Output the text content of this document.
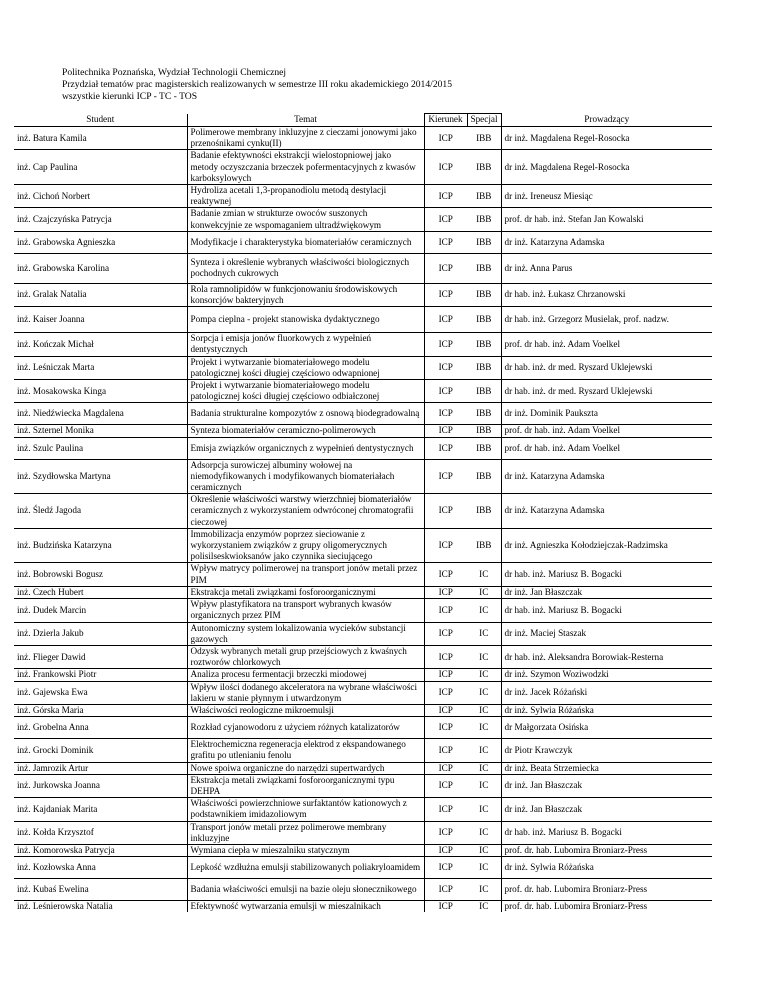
Politechnika Poznańska, Wydział Technologii Chemicznej
Przydział tematów prac magisterskich realizowanych w semestrze III roku akademickiego 2014/2015
wszystkie kierunki ICP - TC - TOS
Student	Temat	Kierunek	Specjal	Prowadzący
inż. Batura Kamila	Polimerowe membrany inkluzyjne z cieczami jonowymi jako przenośnikami cynku(II)	ICP	IBB	dr inż. Magdalena Regel-Rosocka
inż. Cap Paulina	Badanie efektywności ekstrakcji wielostopniowej jako metody oczyszczania brzeczek pofermentacyjnych z kwasów karboksylowych	ICP	IBB	dr inż. Magdalena Regel-Rosocka
inż. Cichoń Norbert	Hydroliza acetali 1,3-propanodiolu metodą destylacji reaktywnej	ICP	IBB	dr inż. Ireneusz Miesiąc
inż. Czajczyńska Patrycja	Badanie zmian w strukturze owoców suszonych konwekcyjnie ze wspomaganiem ultradźwiękowym	ICP	IBB	prof. dr hab. inż. Stefan Jan Kowalski
inż. Grabowska Agnieszka	Modyfikacje i charakterystyka biomateriałów ceramicznych	ICP	IBB	dr inż. Katarzyna Adamska
inż. Grabowska Karolina	Synteza i określenie wybranych właściwości biologicznych pochodnych cukrowych	ICP	IBB	dr inż. Anna Parus
inż. Gralak Natalia	Rola ramnolipidów w funkcjonowaniu środowiskowych konsorcjów bakteryjnych	ICP	IBB	dr hab. inż. Łukasz Chrzanowski
inż. Kaiser Joanna	Pompa cieplna - projekt stanowiska dydaktycznego	ICP	IBB	dr hab. inż. Grzegorz Musielak, prof. nadzw.
inż. Kończak Michał	Sorpcja i emisja jonów fluorkowych z wypełnień dentystycznych	ICP	IBB	prof. dr hab. inż. Adam Voelkel
inż. Leśniczak Marta	Projekt i wytwarzanie biomateriałowego modelu patologicznej kości długiej częściowo odwapnionej	ICP	IBB	dr hab. inż. dr med. Ryszard Uklejewski
inż. Mosakowska Kinga	Projekt i wytwarzanie biomateriałowego modelu patologicznej kości długiej częściowo odbiałczonej	ICP	IBB	dr hab. inż. dr med. Ryszard Uklejewski
inż. Niedźwiecka Magdalena	Badania strukturalne kompozytów z osnową biodegradowalną	ICP	IBB	dr inż. Dominik Paukszta
inż. Szternel Monika	Synteza biomateriałów ceramiczno-polimerowych	ICP	IBB	prof. dr hab. inż. Adam Voelkel
inż. Szulc Paulina	Emisja związków organicznych z wypełnień dentystycznych	ICP	IBB	prof. dr hab. inż. Adam Voelkel
inż. Szydłowska Martyna	Adsorpcja surowiczej albuminy wołowej na niemodyfikowanych i modyfikowanych biomateriałach ceramicznych	ICP	IBB	dr inż. Katarzyna Adamska
inż. Śledź Jagoda	Określenie właściwości warstwy wierzchniej biomateriałów ceramicznych z wykorzystaniem odwróconej chromatografii cieczowej	ICP	IBB	dr inż. Katarzyna Adamska
inż. Budzińska Katarzyna	Immobilizacja enzymów poprzez sieciowanie z wykorzystaniem związków z grupy oligomerycznych polisilseskwioksanów jako czynnika sieciującego	ICP	IBB	dr inż. Agnieszka Kołodziejczak-Radzimska
inż. Bobrowski Bogusz	Wpływ matrycy polimerowej na transport jonów metali przez PIM	ICP	IC	dr hab. inż. Mariusz B. Bogacki
inż. Czech Hubert	Ekstrakcja metali związkami fosforoorganicznymi	ICP	IC	dr inż. Jan Błaszczak
inż. Dudek Marcin	Wpływ plastyfikatora na transport wybranych kwasów organicznych przez PIM	ICP	IC	dr hab. inż. Mariusz B. Bogacki
inż. Dzierla Jakub	Autonomiczny system lokalizowania wycieków substancji gazowych	ICP	IC	dr inż. Maciej Staszak
inż. Flieger Dawid	Odzysk wybranych metali grup przejściowych z kwaśnych roztworów chlorkowych	ICP	IC	dr hab. inż. Aleksandra Borowiak-Resterna
inż. Frankowski Piotr	Analiza procesu fermentacji brzeczki miodowej	ICP	IC	dr inż. Szymon Woziwodzki
inż. Gajewska Ewa	Wpływ ilości dodanego akceleratora na wybrane właściwości lakieru w stanie płynnym i utwardzonym	ICP	IC	dr inż. Jacek Różański
inż. Górska Maria	Właściwości reologiczne mikroemulsji	ICP	IC	dr inż. Sylwia Różańska
inż. Grobelna Anna	Rozkład cyjanowodoru z użyciem różnych katalizatorów	ICP	IC	dr Małgorzata Osińska
inż. Grocki Dominik	Elektrochemiczna regeneracja elektrod z ekspandowanego grafitu po utlenianiu fenolu	ICP	IC	dr Piotr Krawczyk
inż. Jamrozik Artur	Nowe spoiwa organiczne do narzędzi supertwardych	ICP	IC	dr inż. Beata Strzemiecka
inż. Jurkowska Joanna	Ekstrakcja metali związkami fosforoorganicznymi typu DEHPA	ICP	IC	dr inż. Jan Błaszczak
inż. Kajdaniak Marita	Właściwości powierzchniowe surfaktantów kationowych z podstawnikiem imidazoliowym	ICP	IC	dr inż. Jan Błaszczak
inż. Kołda Krzysztof	Transport jonów metali przez polimerowe membrany inkluzyjne	ICP	IC	dr hab. inż. Mariusz B. Bogacki
inż. Komorowska Patrycja	Wymiana ciepła w mieszalniku statycznym	ICP	IC	prof. dr. hab. Lubomira Broniarz-Press
inż. Kozłowska Anna	Lepkość wzdłużna emulsji stabilizowanych poliakryloamidem	ICP	IC	dr inż. Sylwia Różańska
inż. Kubaś Ewelina	Badania właściwości emulsji na bazie oleju słonecznikowego	ICP	IC	prof. dr. hab. Lubomira Broniarz-Press
inż. Leśnierowska Natalia	Efektywność wytwarzania emulsji w mieszalnikach	ICP	IC	prof. dr. hab. Lubomira Broniarz-Press
